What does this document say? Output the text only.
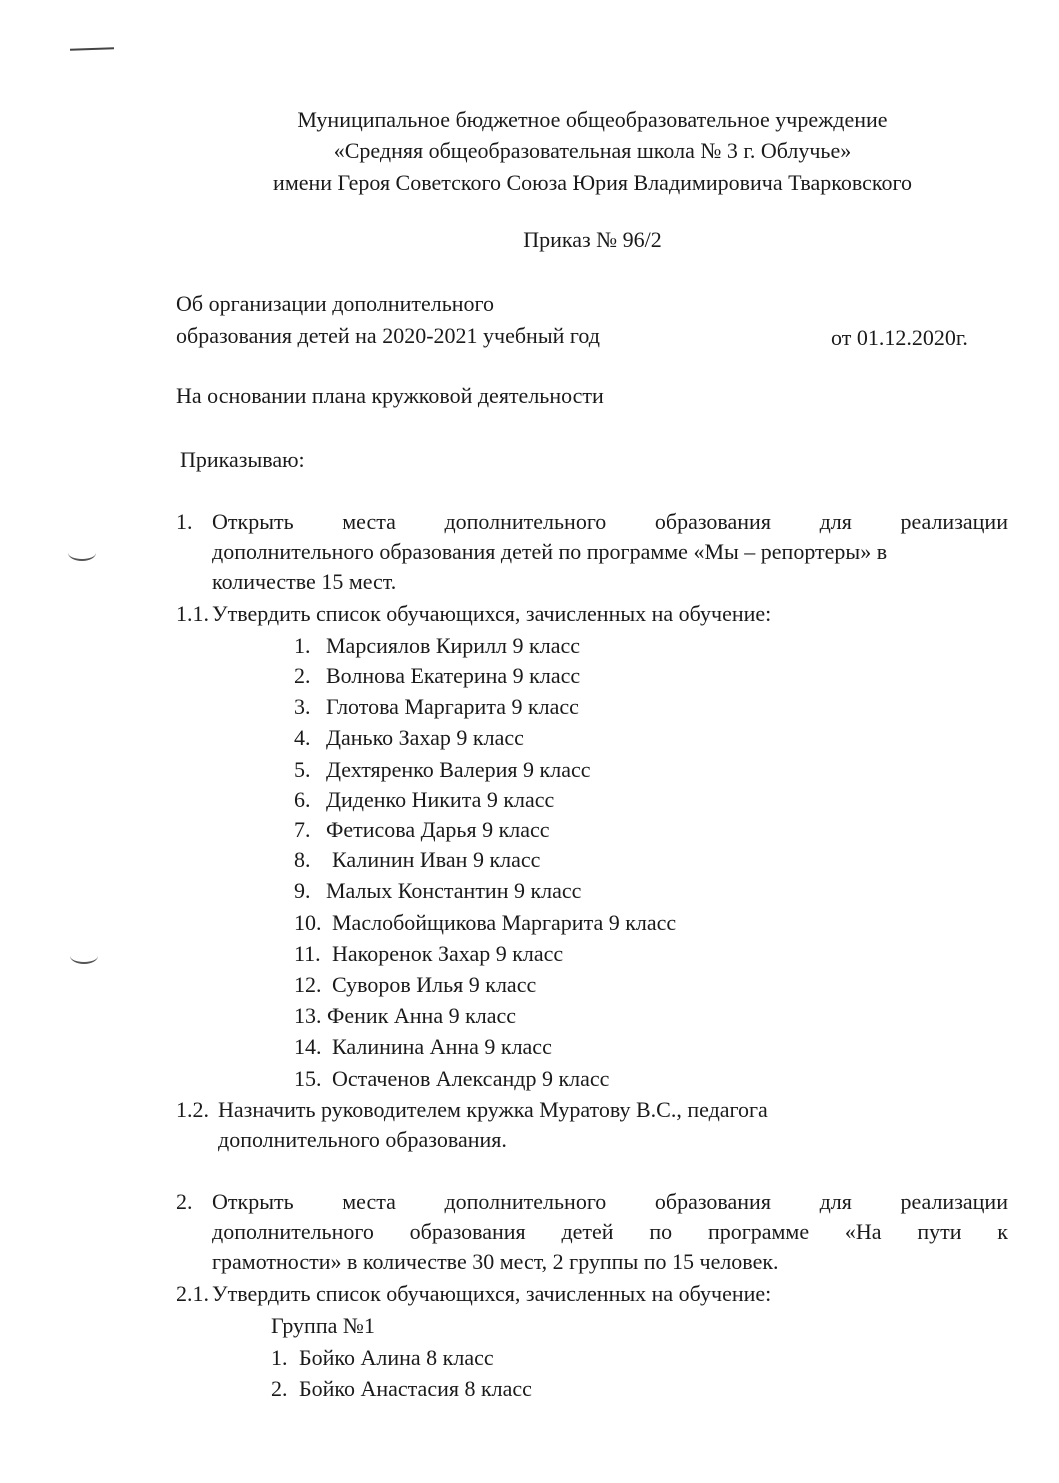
Муниципальное бюджетное общеобразовательное учреждение
«Средняя общеобразовательная школа № 3 г. Облучье»
имени Героя Советского Союза Юрия Владимировича Тварковского
Приказ № 96/2
Об организации дополнительного
образования детей на 2020-2021 учебный год	от 01.12.2020г.
На основании плана кружковой деятельности
Приказываю:
1. Открыть места дополнительного образования для реализации
дополнительного образования детей по программе «Мы – репортеры» в
количестве 15 мест.
1.1. Утвердить список обучающихся, зачисленных на обучение:
1. Марсиялов Кирилл 9 класс
2. Волнова Екатерина 9 класс
3. Глотова Маргарита 9 класс
4. Данько Захар 9 класс
5. Дехтяренко Валерия 9 класс
6. Диденко Никита 9 класс
7. Фетисова Дарья 9 класс
8. Калинин Иван 9 класс
9. Малых Константин 9 класс
10. Маслобойщикова Маргарита 9 класс
11. Накоренок Захар 9 класс
12. Суворов Илья 9 класс
13. Феник Анна 9 класс
14. Калинина Анна 9 класс
15. Остаченов Александр 9 класс
1.2. Назначить руководителем кружка Муратову В.С., педагога
дополнительного образования.
2. Открыть места дополнительного образования для реализации
дополнительного образования детей по программе «На пути к
грамотности» в количестве 30 мест, 2 группы по 15 человек.
2.1. Утвердить список обучающихся, зачисленных на обучение:
Группа №1
1. Бойко Алина 8 класс
2. Бойко Анастасия 8 класс
